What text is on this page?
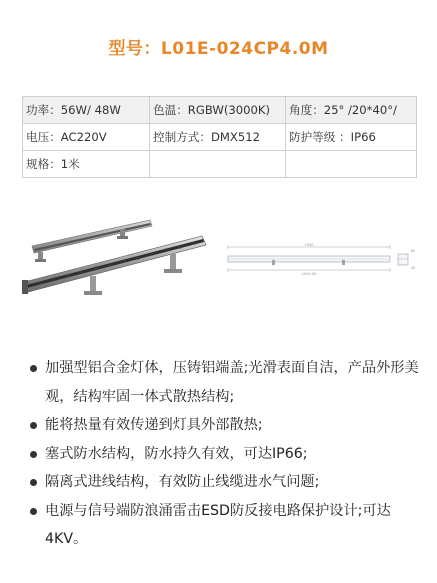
型号：L01E-024CP4.0M
功率：56W/ 48W	色温：RGBW(3000K)	角度：25° /20*40°/
电压：AC220V	控制方式：DMX512	防护等级 ：IP66
规格：1米		
1000
1000.00
65
40
加强型铝合金灯体，压铸铝端盖;光滑表面自洁，产品外形美观，结构牢固一体式散热结构;
能将热量有效传递到灯具外部散热;
塞式防水结构，防水持久有效，可达IP66;
隔离式进线结构，有效防止线缆进水气问题;
电源与信号端防浪涌雷击ESD防反接电路保护设计;可达4KV。
